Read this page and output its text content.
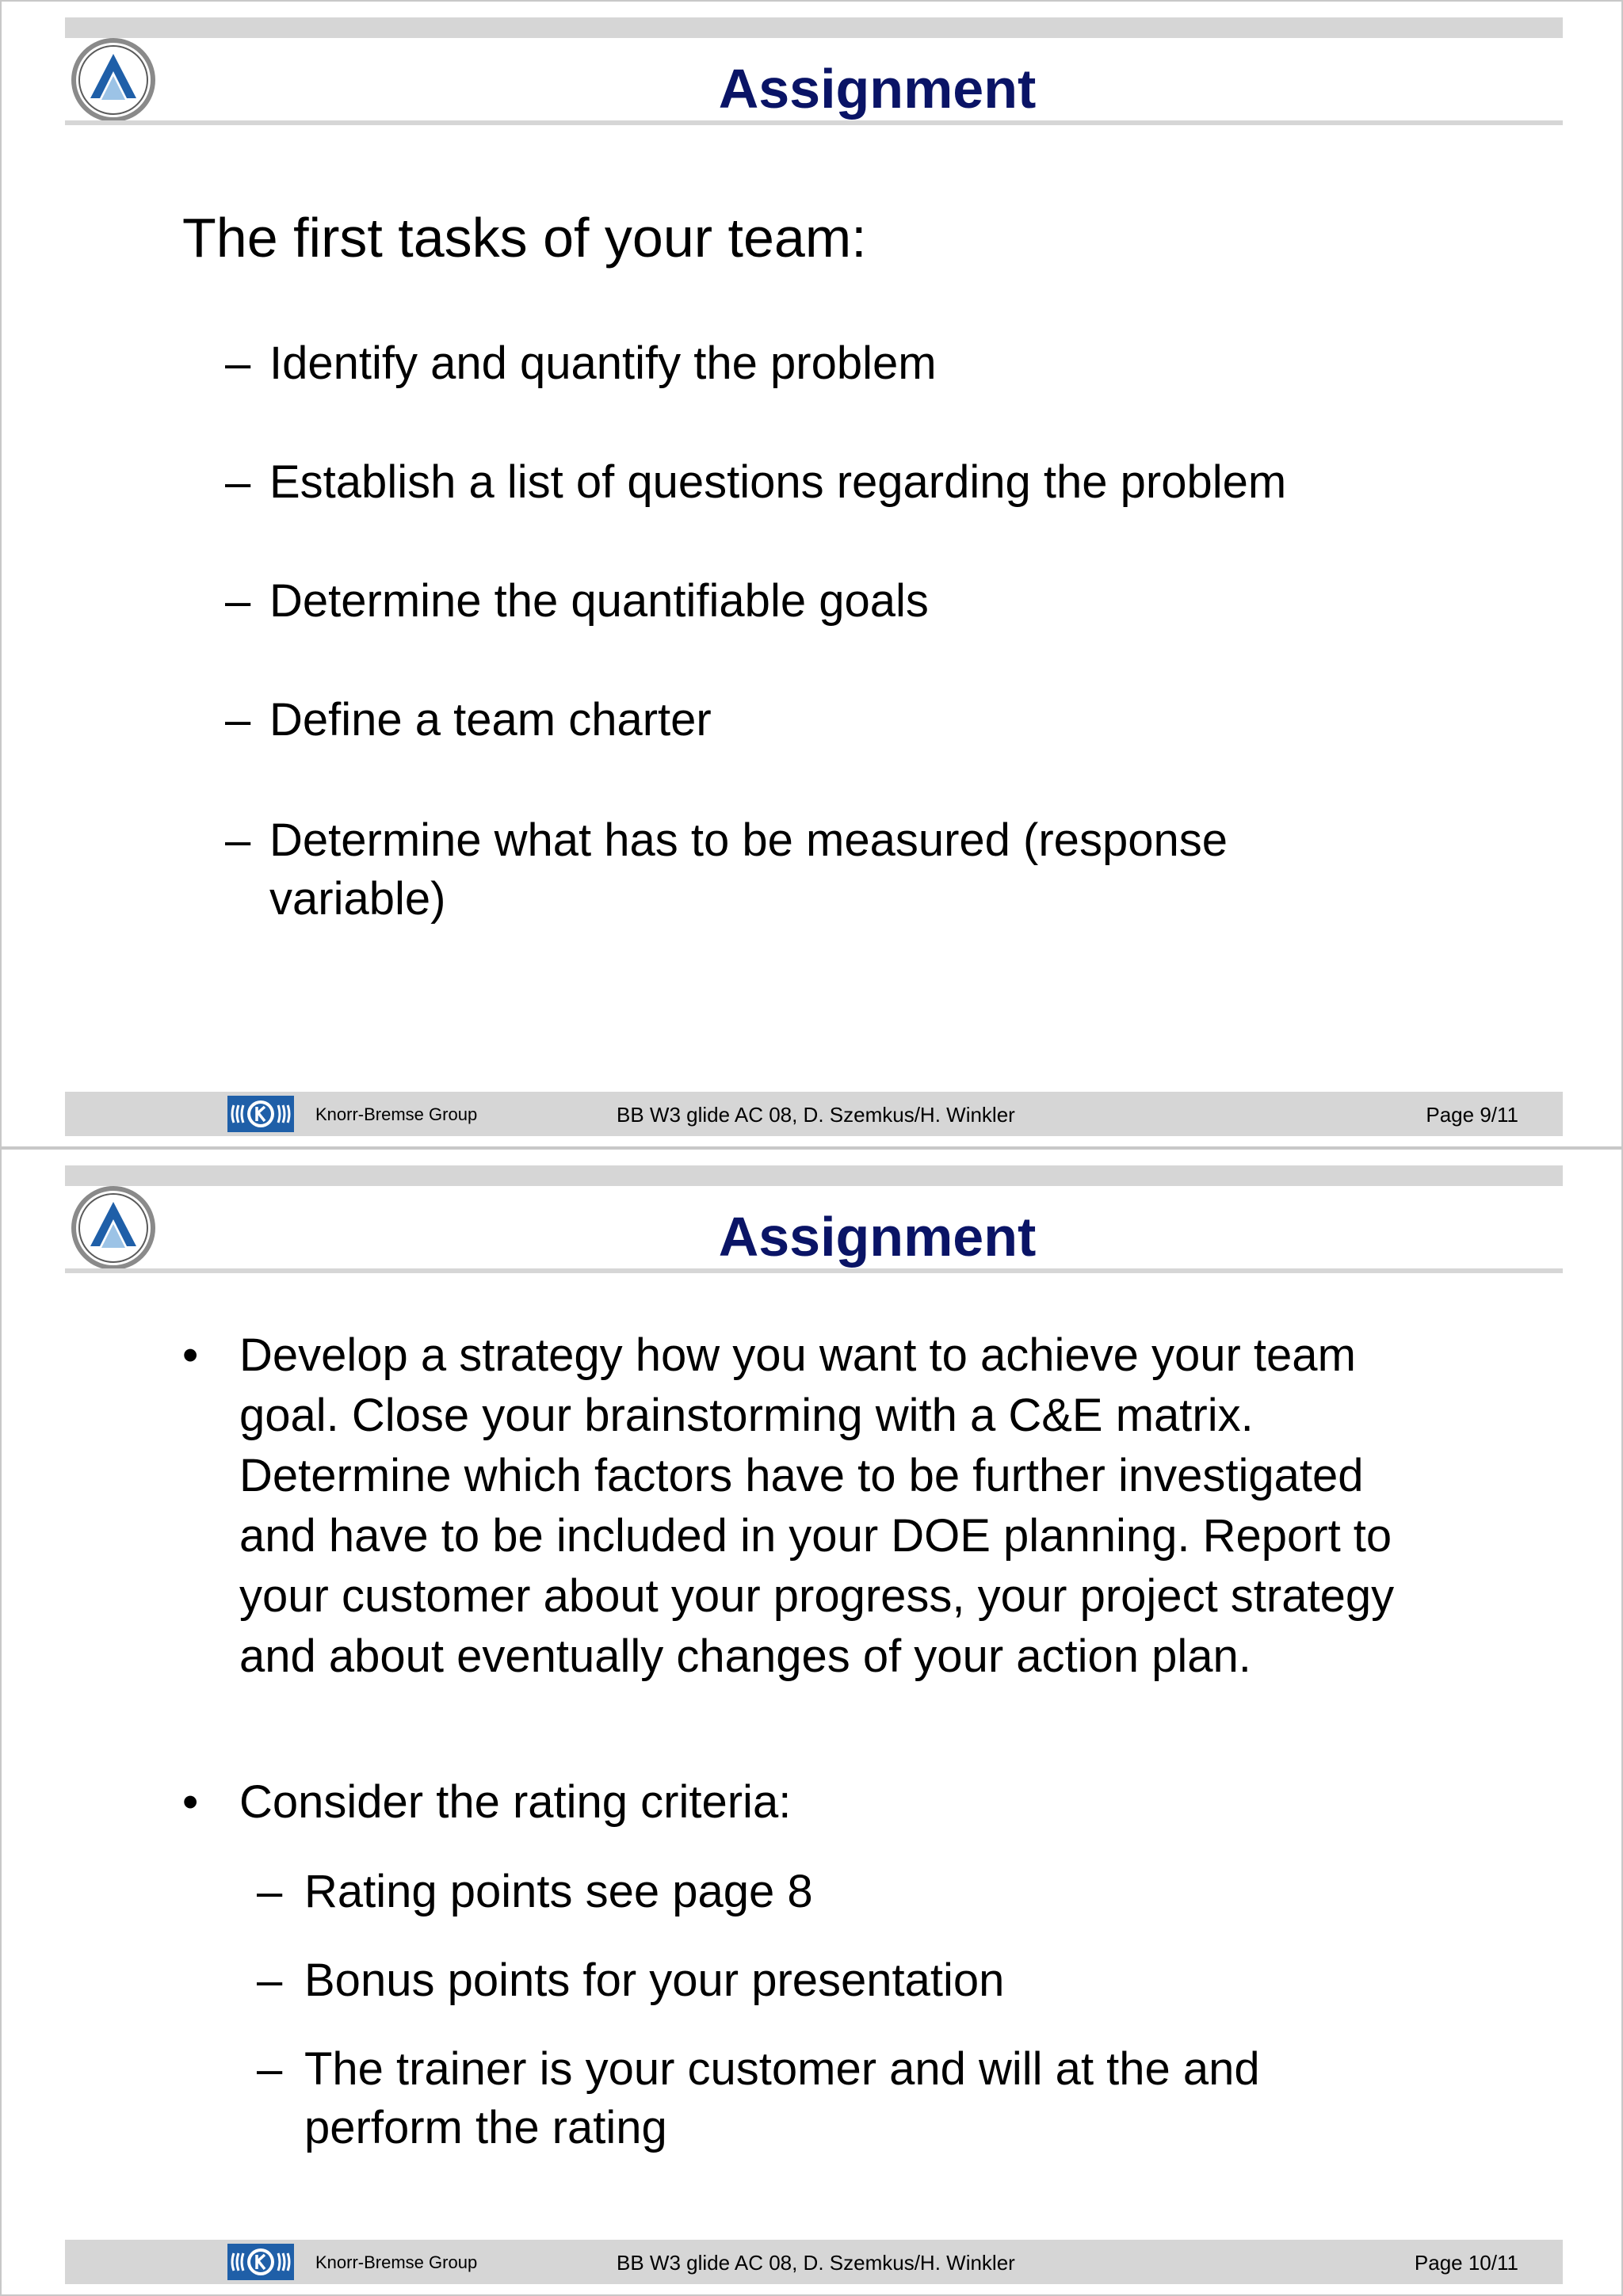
Assignment
The first tasks of your team:
– Identify and quantify the problem
– Establish a list of questions regarding the problem
– Determine the quantifiable goals
– Define a team charter
– Determine what has to be measured (response variable)
Knorr-Bremse Group	BB W3 glide AC 08, D. Szemkus/H. Winkler	Page 9/11
Assignment
• Develop a strategy how you want to achieve your team goal. Close your brainstorming with a C&E matrix. Determine which factors have to be further investigated and have to be included in your DOE planning. Report to your customer about your progress, your project strategy and about eventually changes of your action plan.
• Consider the rating criteria:
– Rating points see page 8
– Bonus points for your presentation
– The trainer is your customer and will at the and perform the rating
Knorr-Bremse Group	BB W3 glide AC 08, D. Szemkus/H. Winkler	Page 10/11
